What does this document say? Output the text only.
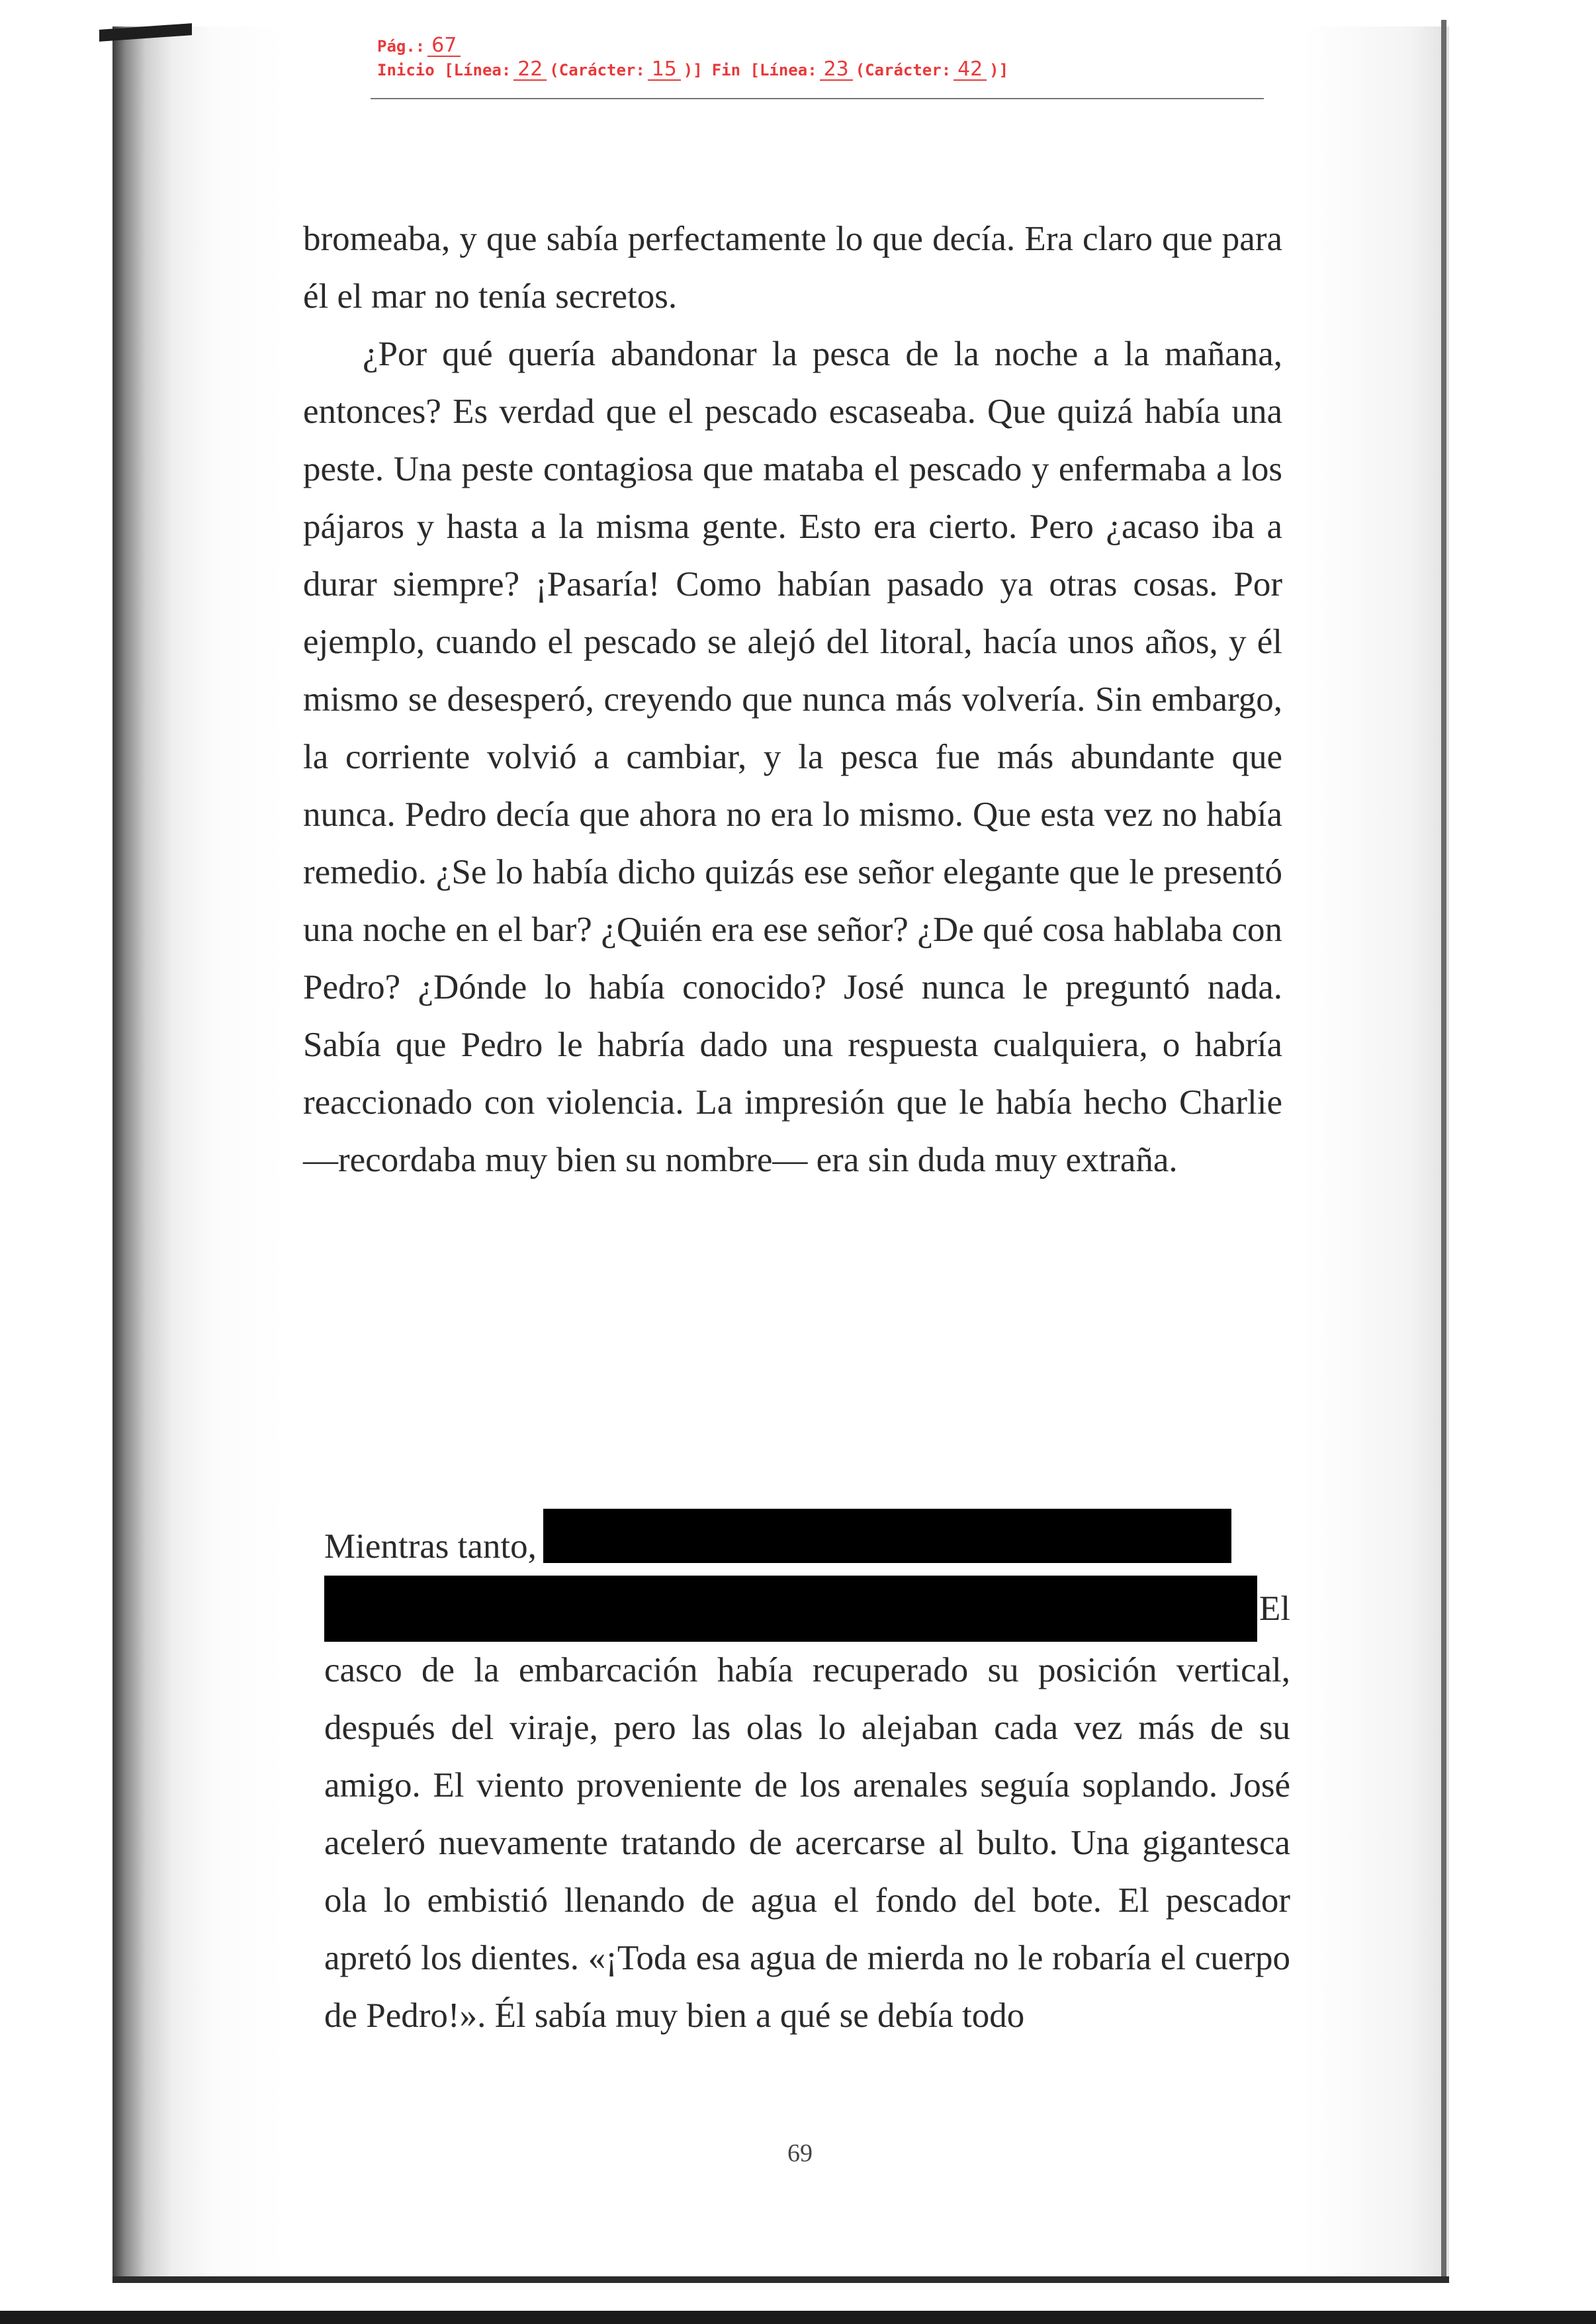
Pág.: 67
Inicio [Línea: 22 (Carácter: 15 )] Fin [Línea: 23 (Carácter: 42 )]

bromeaba, y que sabía perfectamente lo que decía. Era claro que para él el mar no tenía secretos.

¿Por qué quería abandonar la pesca de la noche a la mañana, entonces? Es verdad que el pescado escaseaba. Que quizá había una peste. Una peste contagiosa que mataba el pescado y enfermaba a los pájaros y hasta a la misma gente. Esto era cierto. Pero ¿acaso iba a durar siempre? ¡Pasaría! Como habían pasado ya otras cosas. Por ejemplo, cuando el pescado se alejó del litoral, hacía unos años, y él mismo se desesperó, creyendo que nunca más volvería. Sin embargo, la corriente volvió a cambiar, y la pesca fue más abundante que nunca. Pedro decía que ahora no era lo mismo. Que esta vez no había remedio. ¿Se lo había dicho quizás ese señor elegante que le presentó una noche en el bar? ¿Quién era ese señor? ¿De qué cosa hablaba con Pedro? ¿Dónde lo había conocido? José nunca le preguntó nada. Sabía que Pedro le habría dado una respuesta cualquiera, o habría reaccionado con violencia. La impresión que le había hecho Charlie —recordaba muy bien su nombre— era sin duda muy extraña.

Mientras tanto,
El

casco de la embarcación había recuperado su posición vertical, después del viraje, pero las olas lo alejaban cada vez más de su amigo. El viento proveniente de los arenales seguía soplando. José aceleró nuevamente tratando de acercarse al bulto. Una gigantesca ola lo embistió llenando de agua el fondo del bote. El pescador apretó los dientes. «¡Toda esa agua de mierda no le robaría el cuerpo de Pedro!». Él sabía muy bien a qué se debía todo

69
